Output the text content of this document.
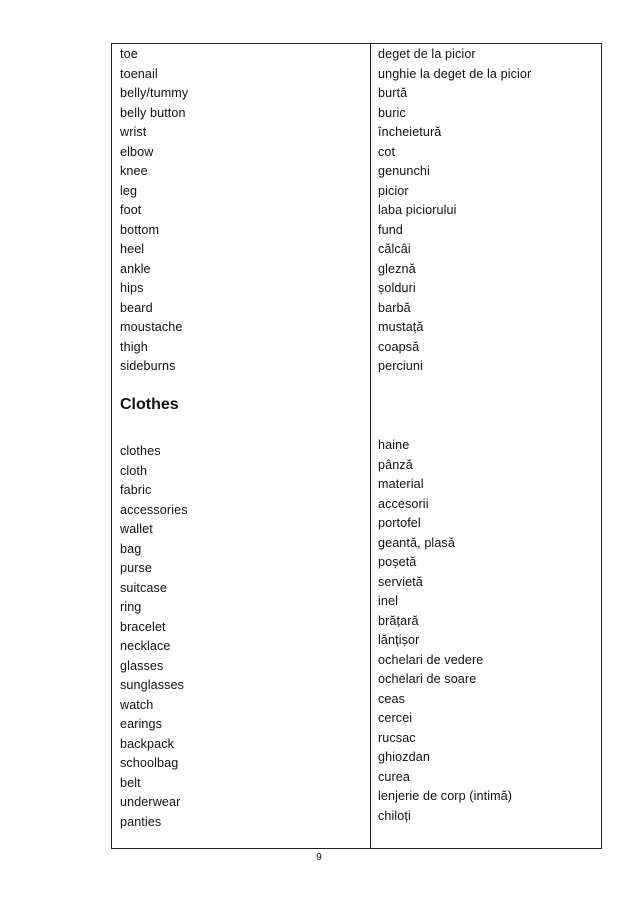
toe
toenail
belly/tummy
belly button
wrist
elbow
knee
leg
foot
bottom
heel
ankle
hips
beard
moustache
thigh
sideburns
deget de la picior
unghie la deget de la picior
burtă
buric
încheietură
cot
genunchi
picior
laba piciorului
fund
călcâi
gleznă
șolduri
barbă
mustață
coapsă
perciuni
Clothes
clothes
cloth
fabric
accessories
wallet
bag
purse
suitcase
ring
bracelet
necklace
glasses
sunglasses
watch
earings
backpack
schoolbag
belt
underwear
panties
haine
pânză
material
accesorii
portofel
geantă, plasă
poșetă
servietă
inel
brățară
lănțișor
ochelari de vedere
ochelari de soare
ceas
cercei
rucsac
ghiozdan
curea
lenjerie de corp (intimă)
chiloți
9
